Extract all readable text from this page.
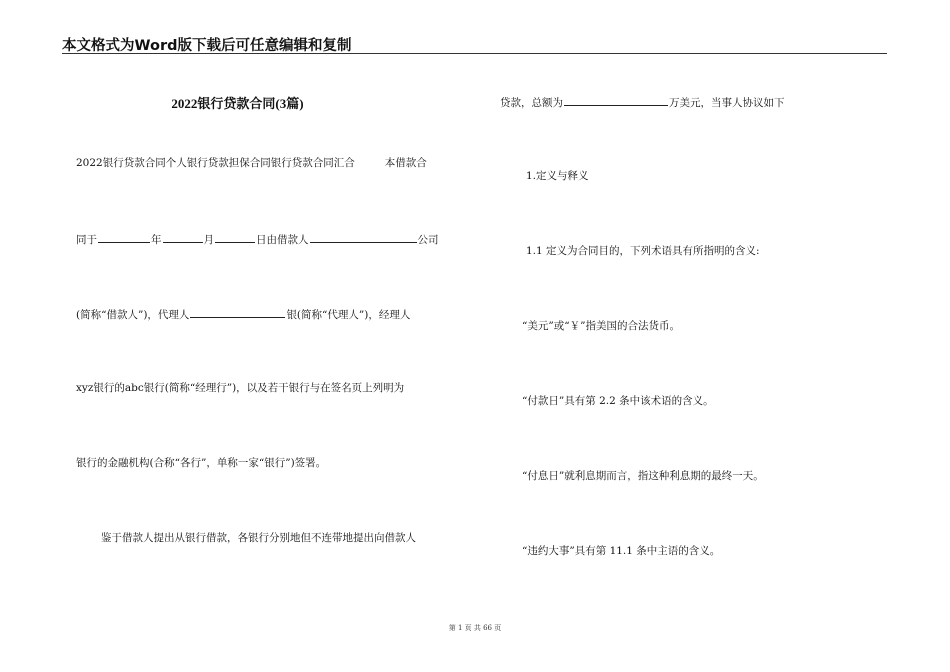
本文格式为Word版下载后可任意编辑和复制
2022银行贷款合同(3篇)
2022银行贷款合同个人银行贷款担保合同银行贷款合同汇合	本借款合
同于	年	月	日由借款人	公司
(简称“借款人”)，代理人	银(简称“代理人”)，经理人
xyz银行的abc银行(简称“经理行”)，以及若干银行与在签名页上列明为
银行的金融机构(合称“各行”，单称一家“银行”)签署。
鉴于借款人提出从银行借款，各银行分别地但不连带地提出向借款人
贷款，总额为	万美元，当事人协议如下
1.定义与释义
1.1 定义为合同目的，下列术语具有所指明的含义:
“美元”或“￥”指美国的合法货币。
“付款日”具有第 2.2 条中该术语的含义。
“付息日”就利息期而言，指这种利息期的最终一天。
“违约大事”具有第 11.1 条中主语的含义。
第 1 页 共 66 页
